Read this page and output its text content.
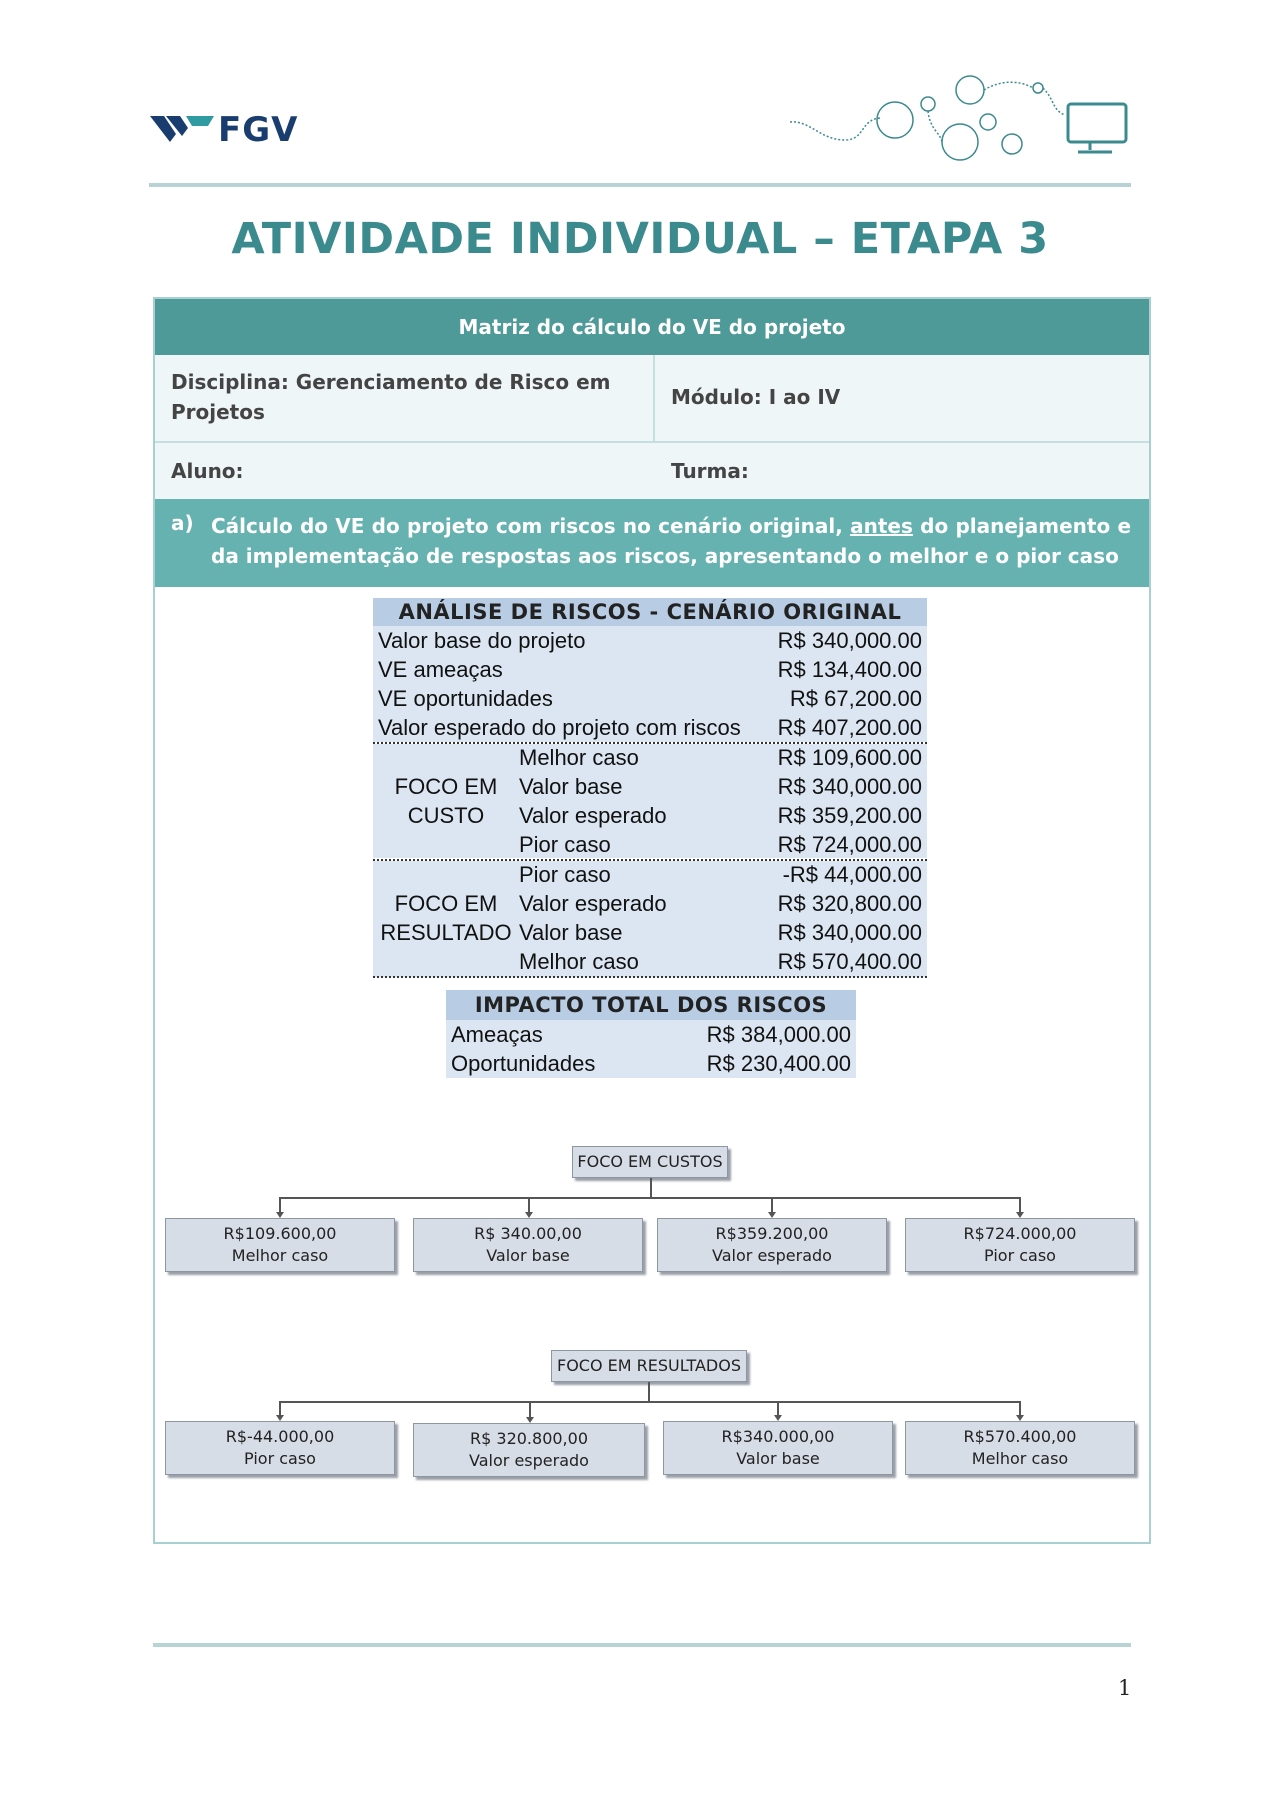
FGV
ATIVIDADE INDIVIDUAL – ETAPA 3
Matriz do cálculo do VE do projeto
Disciplina: Gerenciamento de Risco em
Projetos
Módulo: I ao IV
Aluno:	Turma:
a) Cálculo do VE do projeto com riscos no cenário original, antes do planejamento e da implementação de respostas aos riscos, apresentando o melhor e o pior caso
ANÁLISE DE RISCOS - CENÁRIO ORIGINAL
Valor base do projeto	R$ 340,000.00
VE ameaças	R$ 134,400.00
VE oportunidades	R$ 67,200.00
Valor esperado do projeto com riscos	R$ 407,200.00
FOCO EM
CUSTO
Melhor caso	R$ 109,600.00
Valor base	R$ 340,000.00
Valor esperado	R$ 359,200.00
Pior caso	R$ 724,000.00
FOCO EM
RESULTADO
Pior caso	-R$ 44,000.00
Valor esperado	R$ 320,800.00
Valor base	R$ 340,000.00
Melhor caso	R$ 570,400.00
IMPACTO TOTAL DOS RISCOS
Ameaças	R$ 384,000.00
Oportunidades	R$ 230,400.00
FOCO EM CUSTOS
R$109.600,00
Melhor caso
R$ 340.00,00
Valor base
R$359.200,00
Valor esperado
R$724.000,00
Pior caso
FOCO EM RESULTADOS
R$-44.000,00
Pior caso
R$ 320.800,00
Valor esperado
R$340.000,00
Valor base
R$570.400,00
Melhor caso
1
